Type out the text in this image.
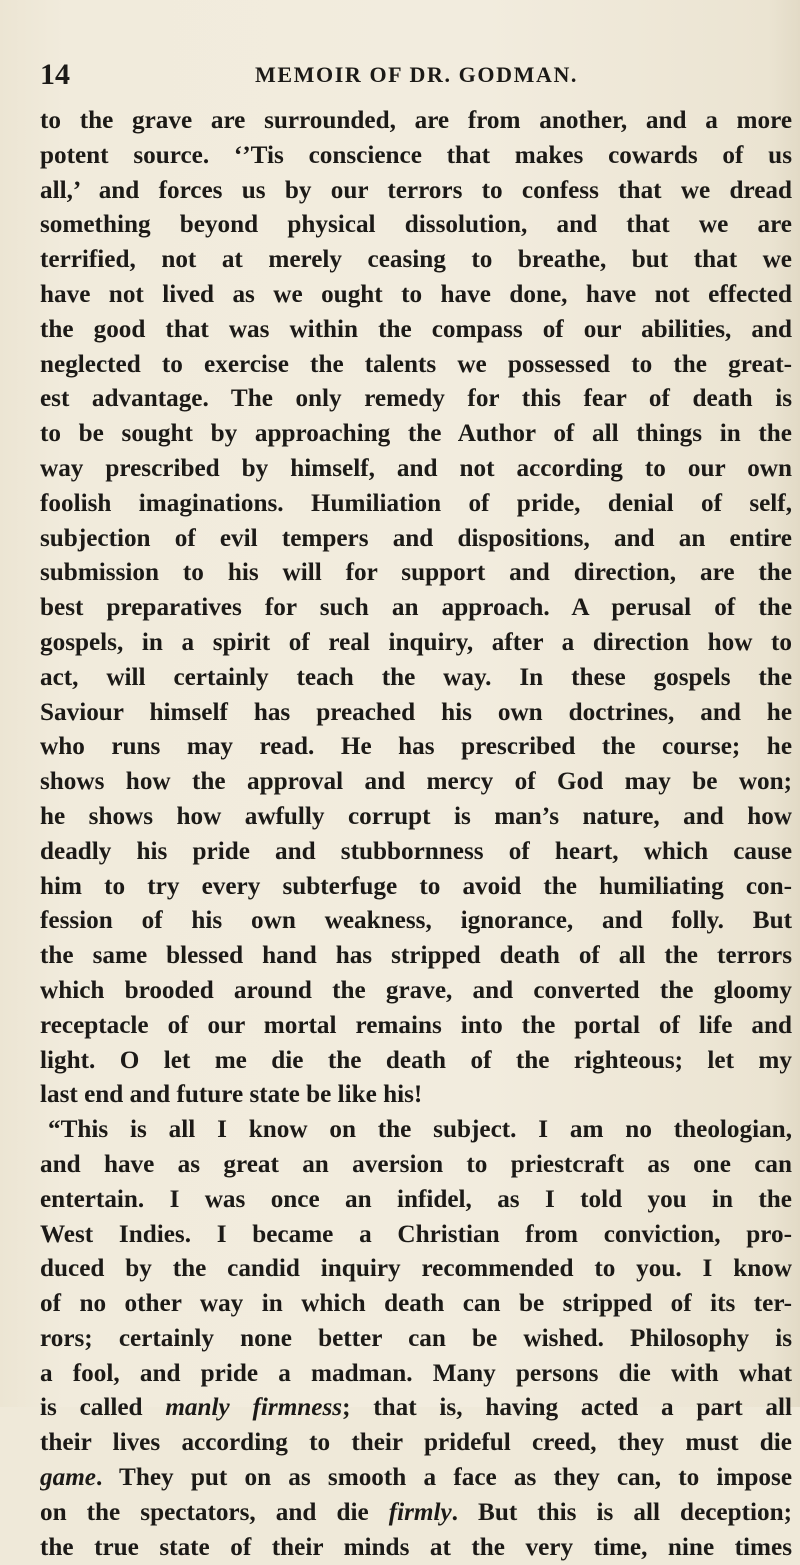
14	MEMOIR OF DR. GODMAN.
to the grave are surrounded, are from another, and a more
potent source. ‘’Tis conscience that makes cowards of us
all,’ and forces us by our terrors to confess that we dread
something beyond physical dissolution, and that we are
terrified, not at merely ceasing to breathe, but that we
have not lived as we ought to have done, have not effected
the good that was within the compass of our abilities, and
neglected to exercise the talents we possessed to the great-
est advantage. The only remedy for this fear of death is
to be sought by approaching the Author of all things in the
way prescribed by himself, and not according to our own
foolish imaginations. Humiliation of pride, denial of self,
subjection of evil tempers and dispositions, and an entire
submission to his will for support and direction, are the
best preparatives for such an approach. A perusal of the
gospels, in a spirit of real inquiry, after a direction how to
act, will certainly teach the way. In these gospels the
Saviour himself has preached his own doctrines, and he
who runs may read. He has prescribed the course; he
shows how the approval and mercy of God may be won;
he shows how awfully corrupt is man’s nature, and how
deadly his pride and stubbornness of heart, which cause
him to try every subterfuge to avoid the humiliating con-
fession of his own weakness, ignorance, and folly. But
the same blessed hand has stripped death of all the terrors
which brooded around the grave, and converted the gloomy
receptacle of our mortal remains into the portal of life and
light. O let me die the death of the righteous; let my
last end and future state be like his!
“This is all I know on the subject. I am no theologian,
and have as great an aversion to priestcraft as one can
entertain. I was once an infidel, as I told you in the
West Indies. I became a Christian from conviction, pro-
duced by the candid inquiry recommended to you. I know
of no other way in which death can be stripped of its ter-
rors; certainly none better can be wished. Philosophy is
a fool, and pride a madman. Many persons die with what
is called manly firmness; that is, having acted a part all
their lives according to their prideful creed, they must die
game. They put on as smooth a face as they can, to impose
on the spectators, and die firmly. But this is all deception;
the true state of their minds at the very time, nine times
